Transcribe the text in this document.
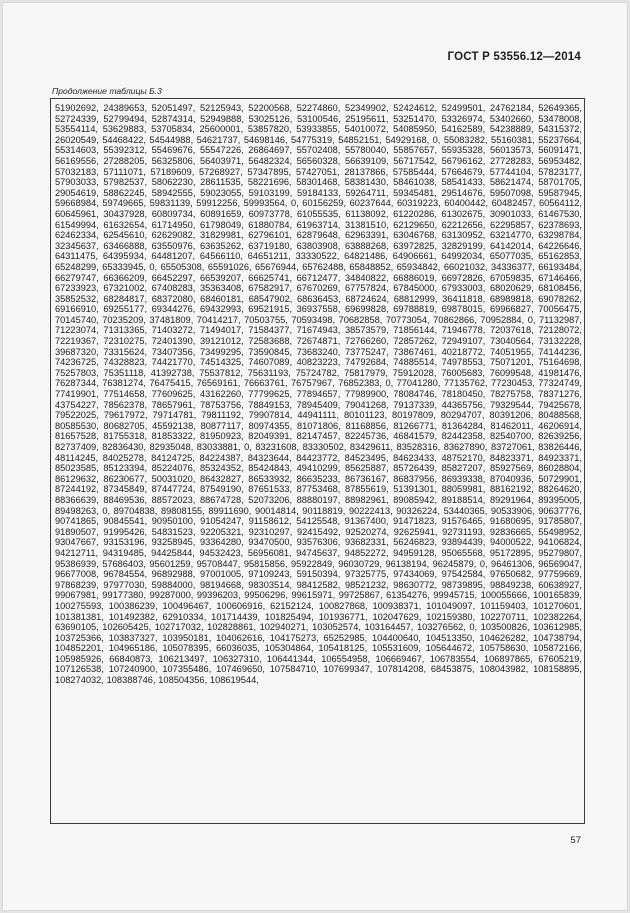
ГОСТ Р 53556.12—2014
Продолжение таблицы Б.3
51902692, 24389653, 52051497, 52125943, 52200568, 52274860, 52349902, 52424612, 52499501, 24762184, 52649365, 52724339, 52799494, 52874314, 52949888, 53025126, 53100546, 25195611, 53251470, 53326974, 53402660, 53478008, 53554114, 53629883, 53705834, 25600001, 53857820, 53933855, 54010072, 54085950, 54162589, 54238889, 54315372, 26020549, 54468422, 54544988, 54621737, 54698146, 54775319, 54852151, 54929168, 0, 55083282, 55160381, 55237664, 55314603, 55392312, 55469676, 55547226, 26864697, 55702408, 55780040, 55857657, 55935328, 56013573, 56091471, 56169556, 27288205, 56325806, 56403971, 56482324, 56560328, 56639109, 56717542, 56796162, 27728283, 56953482, 57032183, 57111071, 57189609, 57268927, 57347895, 57427051, 28137866, 57585444, 57664679, 57744104, 57823177, 57903033, 57982537, 58062230, 28611535, 58221696, 58301468, 58381430, 58461038, 58541433, 58621474, 58701705, 29054619, 58862245, 58942555, 59023055, 59103199, 59184133, 59264711, 59345481, 29514676, 59507098, 59587945, 59668984, 59749665, 59831139, 59912256, 59993564, 0, 60156259, 60237644, 60319223, 60400442, 60482457, 60564112, 60645961, 30437928, 60809734, 60891659, 60973778, 61055535, 61138092, 61220286, 61302675, 30901033, 61467530, 61549994, 61632654, 61714950, 61798049, 61880784, 61963714, 31381510, 62129650, 62212656, 62295857, 62378693, 62462334, 62545610, 62629082, 31829981, 62796101, 62879648, 62963391, 63046768, 63130952, 63214770, 63298784, 32345637, 63466888, 63550976, 63635262, 63719180, 63803908, 63888268, 63972825, 32829199, 64142014, 64226646, 64311475, 64395934, 64481207, 64566110, 64651211, 33330522, 64821486, 64906661, 64992034, 65077035, 65162853, 65248299, 65333945, 0, 65505308, 65591026, 65676944, 65762488, 65848852, 65934842, 66021032, 34336377, 66193484, 66279747, 66366209, 66452297, 66539207, 66625741, 66712477, 34840822, 66886019, 66972826, 67059835, 67146466, 67233923, 67321002, 67408283, 35363408, 67582917, 67670269, 67757824, 67845000, 67933003, 68020629, 68108456, 35852532, 68284817, 68372080, 68460181, 68547902, 68636453, 68724624, 68812999, 36411818, 68989818, 69078262, 69166910, 69255177, 69344276, 69432993, 69521915, 36937558, 69699828, 69788819, 69878015, 69966827, 70056475, 70145740, 70235209, 37481809, 70414217, 70503755, 70593498, 70682858, 70773054, 70862866, 70952884, 0, 71132987, 71223074, 71313365, 71403272, 71494017, 71584377, 71674943, 38573579, 71856144, 71946778, 72037618, 72128072, 72219367, 72310275, 72401390, 39121012, 72583688, 72674871, 72766260, 72857262, 72949107, 73040564, 73132228, 39687320, 73315624, 73407356, 73499295, 73590845, 73683240, 73775247, 73867461, 40218772, 74051955, 74144236, 74236725, 74328823, 74421770, 74514325, 74607089, 40823223, 74792684, 74885514, 74978553, 75071201, 75164698, 75257803, 75351118, 41392738, 75537812, 75631193, 75724782, 75817979, 75912028, 76005683, 76099548, 41981476, 76287344, 76381274, 76475415, 76569161, 76663761, 76757967, 76852383, 0, 77041280, 77135762, 77230453, 77324749, 77419901, 77514658, 77609625, 43162260, 77799625, 77894657, 77989900, 78084746, 78180450, 78275758, 78371276, 43754227, 78562378, 78657961, 78753756, 78849153, 78945409, 79041268, 79137339, 44365756, 79329544, 79425678, 79522025, 79617972, 79714781, 79811192, 79907814, 44941111, 80101123, 80197809, 80294707, 80391206, 80488568, 80585530, 80682705, 45592138, 80877117, 80974355, 81071806, 81168856, 81266771, 81364284, 81462011, 46206914, 81657528, 81755318, 81853322, 81950923, 82049391, 82147457, 82245736, 46841579, 82442358, 82540700, 82639256, 82737409, 82836430, 82935048, 83033881, 0, 83231608, 83330502, 83429611, 83528316, 83627890, 83727061, 83826446, 48114245, 84025278, 84124725, 84224387, 84323644, 84423772, 84523495, 84623433, 48752170, 84823371, 84923371, 85023585, 85123394, 85224076, 85324352, 85424843, 49410299, 85625887, 85726439, 85827207, 85927569, 86028804, 86129632, 86230677, 50031020, 86432827, 86533932, 86635233, 86736167, 86837956, 86939338, 87040936, 50729901, 87244192, 87345849, 87447724, 87549190, 87651533, 87753468, 87855619, 51391301, 88059981, 88162192, 88264620, 88366639, 88469536, 88572023, 88674728, 52073206, 88880197, 88982961, 89085942, 89188514, 89291964, 89395005, 89498263, 0, 89704838, 89808155, 89911690, 90014814, 90118819, 90222413, 90326224, 53440365, 90533906, 90637776, 90741865, 90845541, 90950100, 91054247, 91158612, 54125548, 91367400, 91471823, 91576465, 91680695, 91785807, 91890507, 91995426, 54831523, 92205321, 92310297, 92415492, 92520274, 92625941, 92731193, 92836665, 55498952, 93047667, 93153196, 93258945, 93364280, 93470500, 93576306, 93682331, 56246823, 93894439, 94000522, 94106824, 94212711, 94319485, 94425844, 94532423, 56956081, 94745637, 94852272, 94959128, 95065568, 95172895, 95279807, 95386939, 57686403, 95601259, 95708447, 95815856, 95922849, 96030729, 96138194, 96245879, 0, 96461306, 96569047, 96677008, 96784554, 96892988, 97001005, 97109243, 59150394, 97325775, 97434069, 97542584, 97650682, 97759669, 97868239, 97977030, 59884000, 98194668, 98303514, 98412582, 98521232, 98630772, 98739895, 98849238, 60638927, 99067981, 99177380, 99287000, 99396203, 99506296, 99615971, 99725867, 61354276, 99945715, 100055666, 100165839, 100275593, 100386239, 100496467, 100606916, 62152124, 100827868, 100938371, 101049097, 101159403, 101270601, 101381381, 101492382, 62910334, 101714439, 101825494, 101936771, 102047629, 102159380, 102270711, 102382264, 63690105, 102605425, 102717032, 102828861, 102940271, 103052574, 103164457, 103276562, 0, 103500826, 103612985, 103725366, 103837327, 103950181, 104062616, 104175273, 65252985, 104400640, 104513350, 104626282, 104738794, 104852201, 104965186, 105078395, 66036035, 105304864, 105418125, 105531609, 105644672, 105758630, 105872166, 105985926, 66840873, 106213497, 106327310, 106441344, 106554958, 106669467, 106783554, 106897865, 67605219, 107126538, 107240900, 107355486, 107469650, 107584710, 107699347, 107814208, 68453875, 108043982, 108158895, 108274032, 108388746, 108504356, 108619544,
57
